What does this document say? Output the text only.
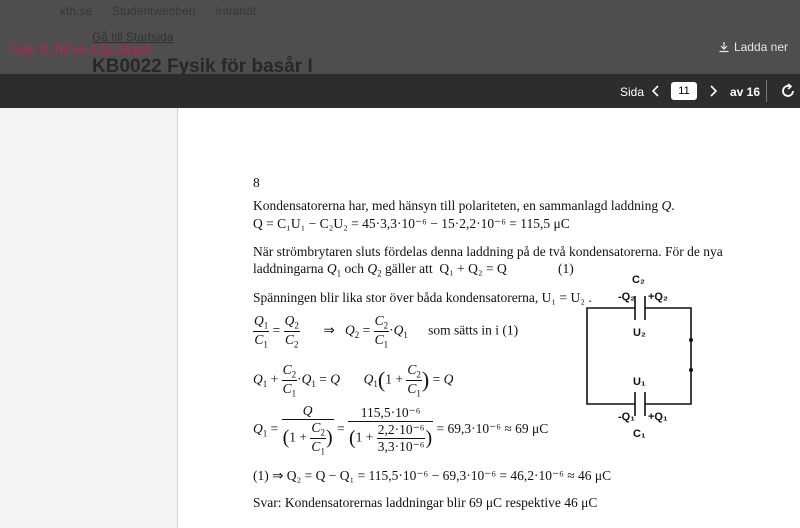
Fysik II_TENA-3-23-24.pdf	Ladda ner
Sida
11	av 16
8
Kondensatorerna har, med hänsyn till polariteten, en sammanlagd laddning Q.
Q = C₁U₁ − C₂U₂ = 45·3,3·10⁻⁶ − 15·2,2·10⁻⁶ = 115,5 μC
När strömbrytaren sluts fördelas denna laddning på de två kondensatorerna. För de nya
laddningarna $Q_1$ och $Q_2$ gäller att Q₁ + Q₂ = Q	(1)
Spänningen blir lika stor över båda kondensatorerna, U₁ = U₂ .
$\frac{Q_1}{C_1} = \frac{Q_2}{C_2}$ ⇒ $Q_2 = \frac{C_2}{C_1} \cdot Q_1$ som sätts in i (1)
$Q_1 + \frac{C_2}{C_1} \cdot Q_1 = Q$ $Q_1(1 + \frac{C_2}{C_1}$ ) = Q
$Q_1 = \frac{Q}{(1 + \frac{C_2}{C_1} )} = \frac{\text{115,5·10⁻⁶}}{(1 + \frac{\text{2,2·10⁻⁶}}{\text{3,3·10⁻⁶}} )} = 69,3\cdot 10^{-6} \approx 69$ μC
(1) ⇒ Q₂ = Q − Q₁ = 115,5·10⁻⁶ − 69,3·10⁻⁶ = 46,2·10⁻⁶ ≈ 46 μC
Svar: Kondensatorernas laddningar blir 69 μC respektive 46 μC
C₂
-Q₂ +Q₂
U₂
U₁
-Q₁ +Q₁
C₁
